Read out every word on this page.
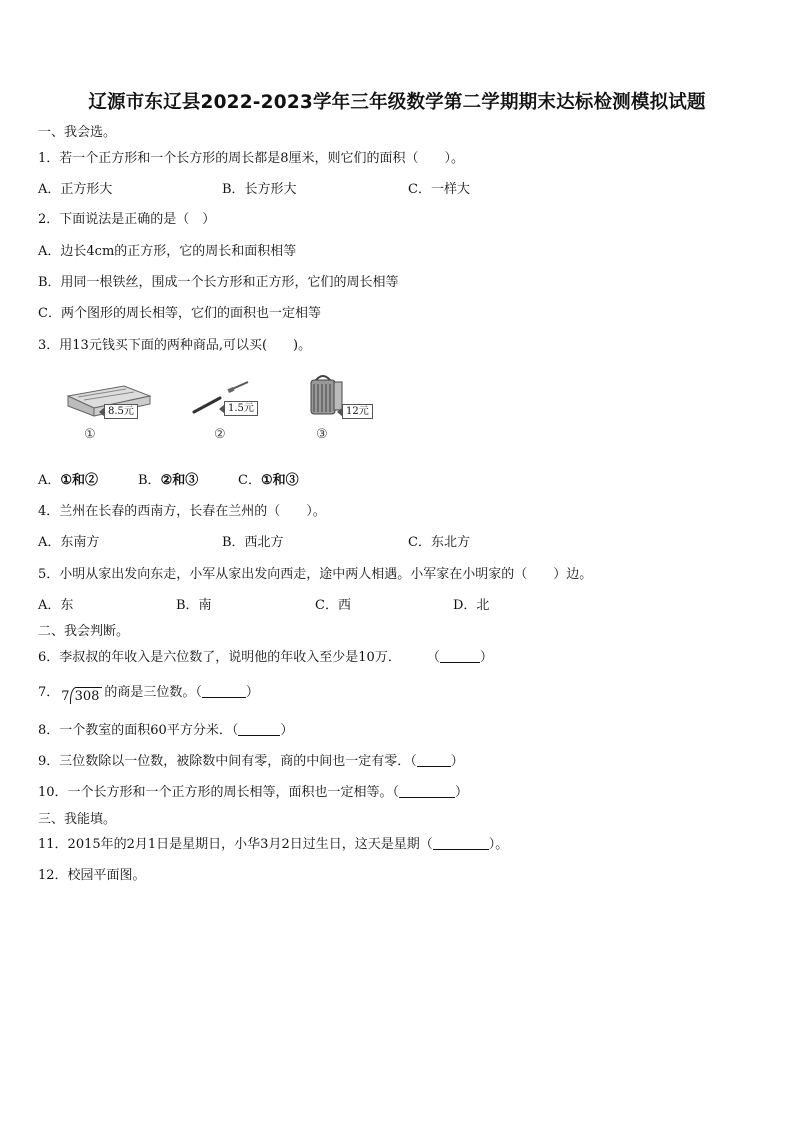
辽源市东辽县2022-2023学年三年级数学第二学期期末达标检测模拟试题
一、我会选。
1．若一个正方形和一个长方形的周长都是8厘米，则它们的面积（　　）。
A．正方形大	B．长方形大	C．一样大
2．下面说法是正确的是（　）
A．边长4cm的正方形，它的周长和面积相等
B．用同一根铁丝，围成一个长方形和正方形，它们的周长相等
C．两个图形的周长相等，它们的面积也一定相等
3．用13元钱买下面的两种商品,可以买(　　)。
8.5元
①
1.5元
②
12元
③
A．①和②	B．②和③	C．①和③
4．兰州在长春的西南方，长春在兰州的（　　）。
A．东南方	B．西北方	C．东北方
5．小明从家出发向东走，小军从家出发向西走，途中两人相遇。小军家在小明家的（　　）边。
A．东	B．南	C．西	D．北
二、我会判断。
6．李叔叔的年收入是六位数了，说明他的年收入至少是10万． （	）
7． 7 308 的商是三位数。（	）
8．一个教室的面积60平方分米．（	）
9．三位数除以一位数，被除数中间有零，商的中间也一定有零．（	）
10．一个长方形和一个正方形的周长相等，面积也一定相等。（	）
三、我能填。
11．2015年的2月1日是星期日，小华3月2日过生日，这天是星期（	）。
12．校园平面图。
